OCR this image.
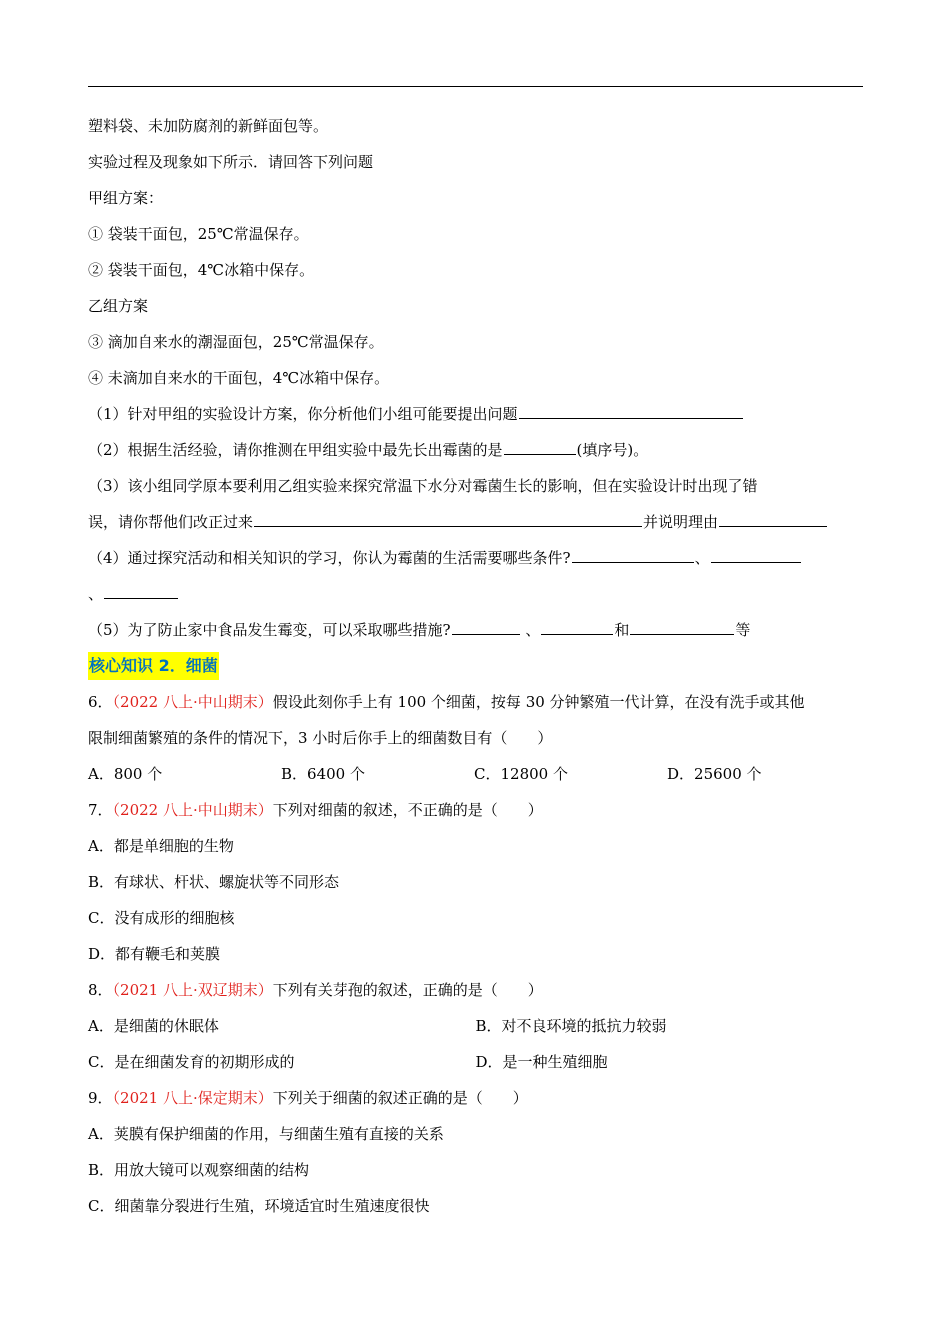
塑料袋、未加防腐剂的新鲜面包等。
实验过程及现象如下所示．请回答下列问题
甲组方案：
① 袋装干面包，25℃常温保存。
② 袋装干面包，4℃冰箱中保存。
乙组方案
③ 滴加自来水的潮湿面包，25℃常温保存。
④ 未滴加自来水的干面包，4℃冰箱中保存。
（1）针对甲组的实验设计方案，你分析他们小组可能要提出问题
（2）根据生活经验，请你推测在甲组实验中最先长出霉菌的是	(填序号)。
（3）该小组同学原本要利用乙组实验来探究常温下水分对霉菌生长的影响，但在实验设计时出现了错
误，请你帮他们改正过来	并说明理由
（4）通过探究活动和相关知识的学习，你认为霉菌的生活需要哪些条件?	、
、
（5）为了防止家中食品发生霉变，可以采取哪些措施?	、	和	等
核心知识 2．细菌
6．（2022 八上·中山期末）假设此刻你手上有 100 个细菌，按每 30 分钟繁殖一代计算，在没有洗手或其他
限制细菌繁殖的条件的情况下，3 小时后你手上的细菌数目有（　　）
A．800 个	B．6400 个	C．12800 个	D．25600 个
7．（2022 八上·中山期末）下列对细菌的叙述，不正确的是（　　）
A．都是单细胞的生物
B．有球状、杆状、螺旋状等不同形态
C．没有成形的细胞核
D．都有鞭毛和荚膜
8．（2021 八上·双辽期末）下列有关芽孢的叙述，正确的是（　　）
A．是细菌的休眠体	B．对不良环境的抵抗力较弱
C．是在细菌发育的初期形成的	D．是一种生殖细胞
9．（2021 八上·保定期末）下列关于细菌的叙述正确的是（　　）
A．荚膜有保护细菌的作用，与细菌生殖有直接的关系
B．用放大镜可以观察细菌的结构
C．细菌靠分裂进行生殖，环境适宜时生殖速度很快
